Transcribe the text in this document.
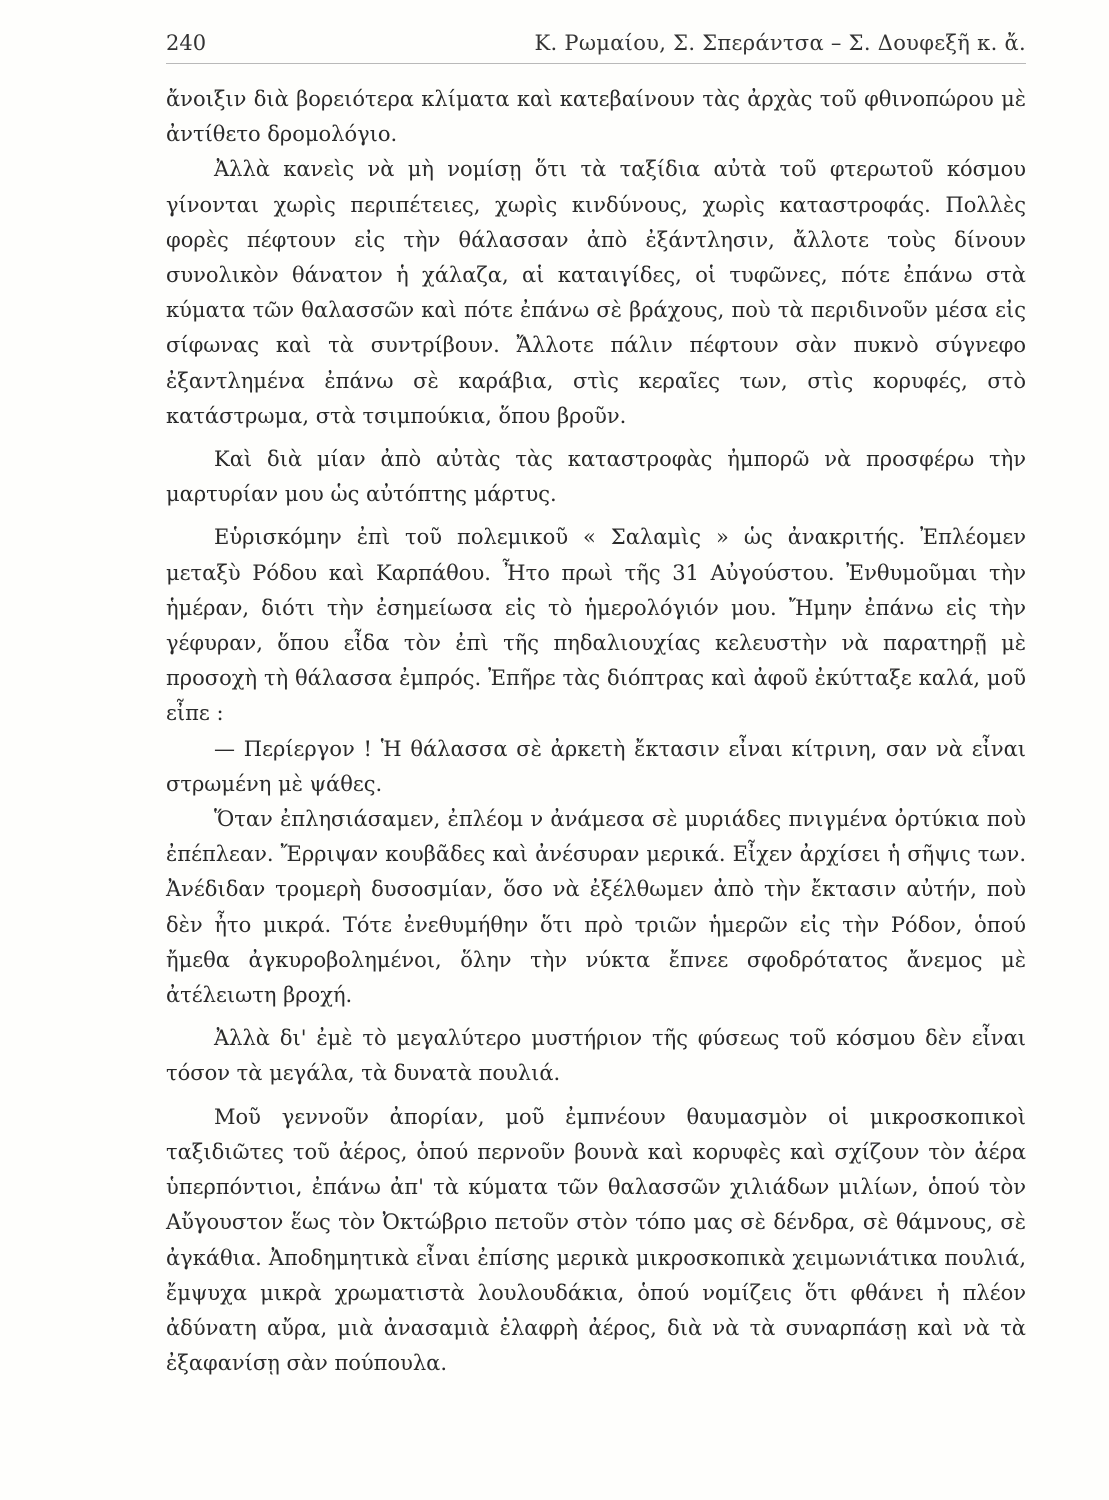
240	Κ. Ρωμαίου, Σ. Σπεράντσα – Σ. Δουφεξῆ κ. ἄ.

ἄνοιξιν διὰ βορειότερα κλίματα καὶ κατεβαίνουν τὰς ἀρχὰς τοῦ φθινοπώρου μὲ ἀντίθετο δρομολόγιο.

Ἀλλὰ κανεὶς νὰ μὴ νομίσῃ ὅτι τὰ ταξίδια αὐτὰ τοῦ φτερωτοῦ κόσμου γίνονται χωρὶς περιπέτειες, χωρὶς κινδύνους, χωρὶς καταστροφάς. Πολλὲς φορὲς πέφτουν εἰς τὴν θάλασσαν ἀπὸ ἐξάντλησιν, ἄλλοτε τοὺς δίνουν συνολικὸν θάνατον ἡ χάλαζα, αἱ καταιγίδες, οἱ τυφῶνες, πότε ἐπάνω στὰ κύματα τῶν θαλασσῶν καὶ πότε ἐπάνω σὲ βράχους, ποὺ τὰ περιδινοῦν μέσα εἰς σίφωνας καὶ τὰ συντρίβουν. Ἄλλοτε πάλιν πέφτουν σὰν πυκνὸ σύγνεφο ἐξαντλημένα ἐπάνω σὲ καράβια, στὶς κεραῖες των, στὶς κορυφές, στὸ κατάστρωμα, στὰ τσιμπούκια, ὅπου βροῦν.

Καὶ διὰ μίαν ἀπὸ αὐτὰς τὰς καταστροφὰς ἠμπορῶ νὰ προσφέρω τὴν μαρτυρίαν μου ὡς αὐτόπτης μάρτυς.

Εὑρισκόμην ἐπὶ τοῦ πολεμικοῦ « Σαλαμὶς » ὡς ἀνακριτής. Ἐπλέομεν μεταξὺ Ρόδου καὶ Καρπάθου. Ἦτο πρωὶ τῆς 31 Αὐγούστου. Ἐνθυμοῦμαι τὴν ἡμέραν, διότι τὴν ἐσημείωσα εἰς τὸ ἡμερολόγιόν μου. Ἤμην ἐπάνω εἰς τὴν γέφυραν, ὅπου εἶδα τὸν ἐπὶ τῆς πηδαλιουχίας κελευστὴν νὰ παρατηρῇ μὲ προσοχὴ τὴ θάλασσα ἐμπρός. Ἐπῆρε τὰς διόπτρας καὶ ἀφοῦ ἐκύτταξε καλά, μοῦ εἶπε :

— Περίεργον ! Ἡ θάλασσα σὲ ἀρκετὴ ἔκτασιν εἶναι κίτρινη, σαν νὰ εἶναι στρωμένη μὲ ψάθες.

Ὅταν ἐπλησιάσαμεν, ἐπλέομ ν ἀνάμεσα σὲ μυριάδες πνιγμένα ὀρτύκια ποὺ ἐπέπλεαν. Ἔρριψαν κουβᾶδες καὶ ἀνέσυραν μερικά. Εἶχεν ἀρχίσει ἡ σῆψις των. Ἀνέδιδαν τρομερὴ δυσοσμίαν, ὅσο νὰ ἐξέλθωμεν ἀπὸ τὴν ἔκτασιν αὐτήν, ποὺ δὲν ἦτο μικρά. Τότε ἐνεθυμήθην ὅτι πρὸ τριῶν ἡμερῶν εἰς τὴν Ρόδον, ὁπού ἤμεθα ἀγκυροβολημένοι, ὅλην τὴν νύκτα ἔπνεε σφοδρότατος ἄνεμος μὲ ἀτέλειωτη βροχή.

Ἀλλὰ δι' ἐμὲ τὸ μεγαλύτερο μυστήριον τῆς φύσεως τοῦ κόσμου δὲν εἶναι τόσον τὰ μεγάλα, τὰ δυνατὰ πουλιά.

Μοῦ γεννοῦν ἀπορίαν, μοῦ ἐμπνέουν θαυμασμὸν οἱ μικροσκοπικοὶ ταξιδιῶτες τοῦ ἀέρος, ὁπού περνοῦν βουνὰ καὶ κορυφὲς καὶ σχίζουν τὸν ἀέρα ὑπερπόντιοι, ἐπάνω ἀπ' τὰ κύματα τῶν θαλασσῶν χιλιάδων μιλίων, ὁπού τὸν Αὔγουστον ἕως τὸν Ὀκτώβριο πετοῦν στὸν τόπο μας σὲ δένδρα, σὲ θάμνους, σὲ ἀγκάθια. Ἀποδημητικὰ εἶναι ἐπίσης μερικὰ μικροσκοπικὰ χειμωνιάτικα πουλιά, ἔμψυχα μικρὰ χρωματιστὰ λουλουδάκια, ὁπού νομίζεις ὅτι φθάνει ἡ πλέον ἀδύνατη αὔρα, μιὰ ἀνασαμιὰ ἐλαφρὴ ἀέρος, διὰ νὰ τὰ συναρπάσῃ καὶ νὰ τὰ ἐξαφανίσῃ σὰν πούπουλα.
